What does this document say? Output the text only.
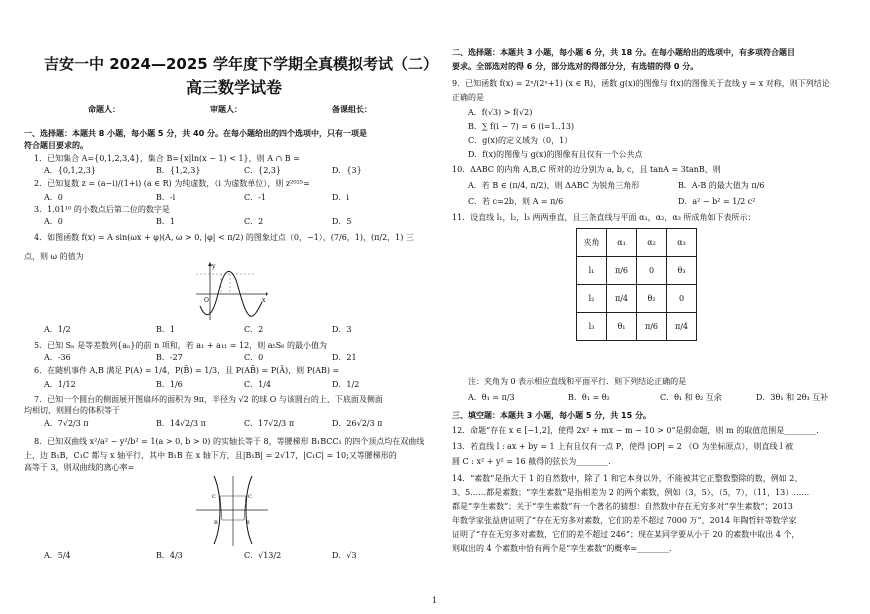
吉安一中 2024—2025 学年度下学期全真模拟考试（二）
高三数学试卷
命题人：	审题人：	备课组长：
一、选择题：本题共 8 小题，每小题 5 分，共 40 分。在每小题给出的四个选项中，只有一项是
符合题目要求的。
1．已知集合 A={0,1,2,3,4}，集合 B={x|ln(x − 1) < 1}，则 A ∩ B =
A．{0,1,2,3}	B．{1,2,3}	C．{2,3}	D．{3}
2．已知复数 z = (a−i)/(1+i) (a ∈ R) 为纯虚数，（i 为虚数单位），则 z²⁰²⁵=
A．0	B．-i	C．-1	D．i
3．1.01¹⁰ 的小数点后第二位的数字是
A．0	B．1	C．2	D．5
4．如图函数 f(x) = A sin(ωx + φ)(A, ω > 0, |φ| < π/2) 的图象过点（0，−1），(7/6，1)，(π/2，1) 三
点，则 ω 的值为
O	x
y
A．1/2	B．1	C．2	D．3
5．已知 Sₙ 是等差数列{aₙ}的前 n 项和，若 a₁ + a₁₁ = 12，则 a₅S₆ 的最小值为
A．-36	B．-27	C．0	D．21
6．在随机事件 A,B 满足 P(A) = 1/4，P(B̄) = 1/3，且 P(AB̄) = P(Ā)，则 P(AB) =
A．1/12	B．1/6	C．1/4	D．1/2
7．已知一个圆台的侧面展开图扇环的面积为 9π，半径为 √2 的球 O 与该圆台的上、下底面及侧面
均相切，则圆台的体积等于
A．7√2/3 π	B．14√2/3 π	C．17√2/3 π	D．26√2/3 π
8．已知双曲线 x²/a² − y²/b² = 1(a > 0, b > 0) 的实轴长等于 8，等腰梯形 B₁BCC₁ 的四个顶点均在双曲线
上，边 B₁B，C₁C 都与 x 轴平行，其中 B₁B 在 x 轴下方，且|B₁B| = 2√17，|C₁C| = 10;又等腰梯形的
高等于 3，则双曲线的离心率=
C	C
B	B
A．5/4	B．4/3	C．√13/2	D．√3
二、选择题：本题共 3 小题，每小题 6 分，共 18 分。在每小题给出的选项中，有多项符合题目
要求。全部选对的得 6 分，部分选对的得部分分，有选错的得 0 分。
9．已知函数 f(x) = 2ˣ/(2ˣ+1) (x ∈ R)，函数 g(x)的图像与 f(x)的图像关于直线 y = x 对称，则下列结论
正确的是
A．f(√3) > f(√2)
B．∑ f(i − 7) = 6 (i=1..13)
C．g(x)的定义域为（0，1）
D．f(x)的图像与 g(x)的图像有且仅有一个公共点
10．ΔABC 的内角 A,B,C 所对的边分别为 a, b, c，且 tanA = 3tanB，则
A．若 B ∈ (π/4, π/2)，则 ΔABC 为锐角三角形	B．A-B 的最大值为 π/6
C．若 c=2b，则 A = π/6	D．a² − b² = 1/2 c²
11．设直线 l₁，l₂，l₃ 两两垂直，且三条直线与平面 α₁，α₂，α₃ 所成角如下表所示：
夹角	α₁	α₂	α₃
l₁	π/6	0	θ₃
l₂	π/4	θ₂	0
l₃	θ₁	π/6	π/4
注：夹角为 0 表示相应直线和平面平行．则下列结论正确的是
A．θ₁ = π/3	B．θ₁ = θ₂	C．θ₁ 和 θ₂ 互余	D．3θ₁ 和 2θ₃ 互补
三、填空题：本题共 3 小题，每小题 5 分，共 15 分。
12．命题“存在 x ∈ [−1,2]，使得 2x² + mx − m − 10 > 0”是假命题，则 m 的取值范围是________．
13．若直线 l : ax + by = 1 上有且仅有一点 P，使得 |OP| = 2 （O 为坐标原点），则直线 l 被
圆 C : x² + y² = 16 截得的弦长为________．
14．“素数”是指大于 1 的自然数中，除了 1 和它本身以外，不能被其它正整数整除的数，例如 2、
3、5……都是素数；“孪生素数”是指相差为 2 的两个素数，例如（3，5），（5，7），（11，13）……
都是“孪生素数”；关于“孪生素数”有一个著名的猜想：自然数中存在无穷多对“孪生素数”；2013
年数学家张益唐证明了“存在无穷多对素数，它们的差不超过 7000 万”，2014 年陶哲轩等数学家
证明了“存在无穷多对素数，它们的差不超过 246”；现在某同学要从小于 20 的素数中取出 4 个，
则取出的 4 个素数中恰有两个是“孪生素数”的概率=________．
1
